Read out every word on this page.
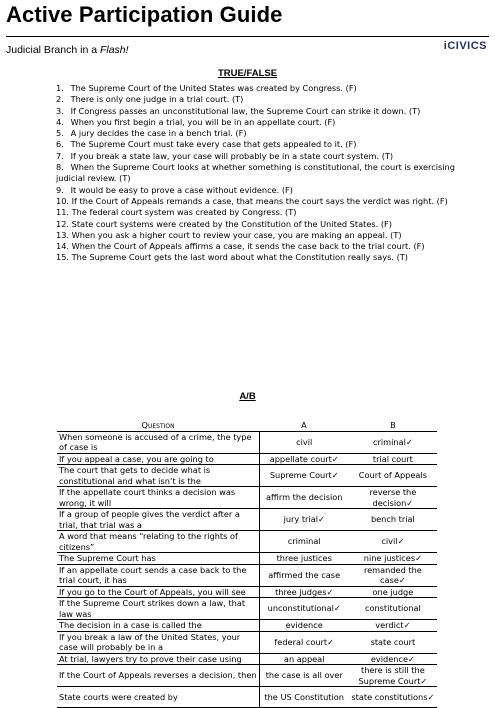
Active Participation Guide
Judicial Branch in a Flash!	iCIVICS
TRUE/FALSE
1. The Supreme Court of the United States was created by Congress. (F)
2. There is only one judge in a trial court. (T)
3. If Congress passes an unconstitutional law, the Supreme Court can strike it down. (T)
4. When you first begin a trial, you will be in an appellate court. (F)
5. A jury decides the case in a bench trial. (F)
6. The Supreme Court must take every case that gets appealed to it. (F)
7. If you break a state law, your case will probably be in a state court system. (T)
8. When the Supreme Court looks at whether something is constitutional, the court is exercising judicial review. (T)
9. It would be easy to prove a case without evidence. (F)
10. If the Court of Appeals remands a case, that means the court says the verdict was right. (F)
11. The federal court system was created by Congress. (T)
12. State court systems were created by the Constitution of the United States. (F)
13. When you ask a higher court to review your case, you are making an appeal. (T)
14. When the Court of Appeals affirms a case, it sends the case back to the trial court. (F)
15. The Supreme Court gets the last word about what the Constitution really says. (T)
A/B
Question	A	B
When someone is accused of a crime, the type of case is	civil	criminal✓
If you appeal a case, you are going to	appellate court✓	trial court
The court that gets to decide what is constitutional and what isn’t is the	Supreme Court✓	Court of Appeals
If the appellate court thinks a decision was wrong, it will	affirm the decision	reverse the decision✓
If a group of people gives the verdict after a trial, that trial was a	jury trial✓	bench trial
A word that means “relating to the rights of citizens”	criminal	civil✓
The Supreme Court has	three justices	nine justices✓
If an appellate court sends a case back to the trial court, it has	affirmed the case	remanded the case✓
If you go to the Court of Appeals, you will see	three judges✓	one judge
If the Supreme Court strikes down a law, that law was	unconstitutional✓	constitutional
The decision in a case is called the	evidence	verdict✓
If you break a law of the United States, your case will probably be in a	federal court✓	state court
At trial, lawyers try to prove their case using	an appeal	evidence✓
If the Court of Appeals reverses a decision, then	the case is all over	there is still the Supreme Court✓
State courts were created by	the US Constitution	state constitutions✓
